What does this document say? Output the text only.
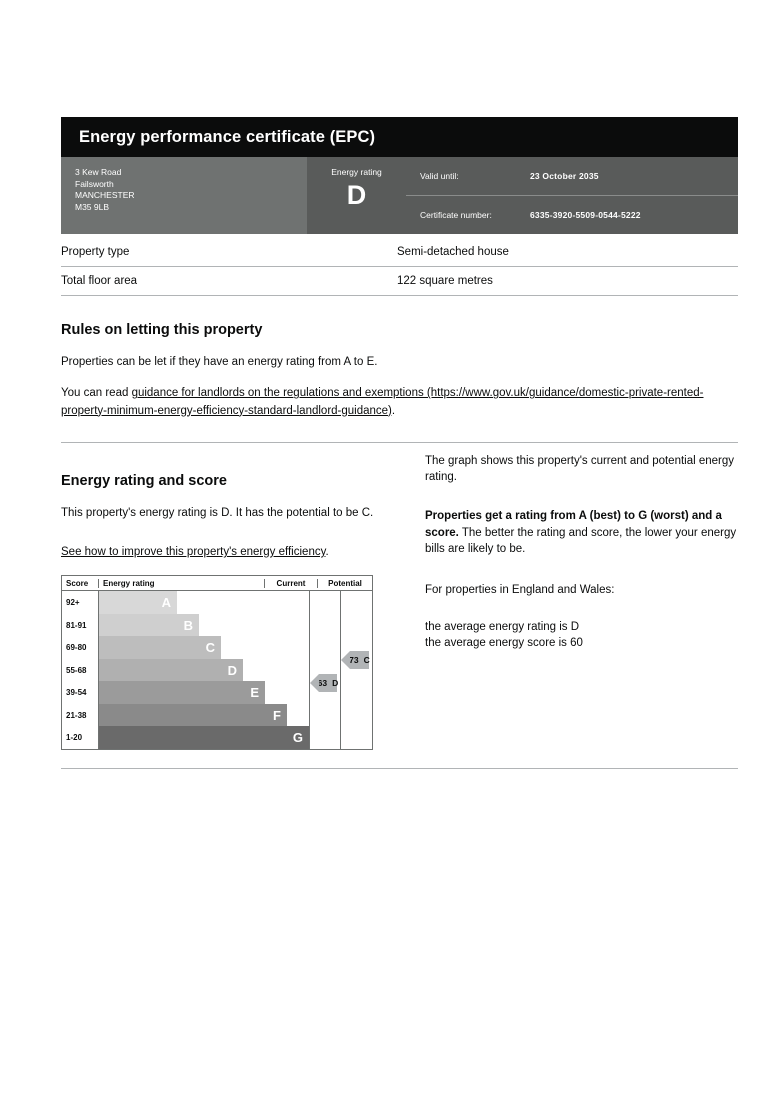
Energy performance certificate (EPC)
3 Kew Road
Failsworth
MANCHESTER
M35 9LB
Energy rating
D
Valid until:	23 October 2035
Certificate number:	6335-3920-5509-0544-5222
Property type	Semi-detached house
Total floor area	122 square metres
Rules on letting this property

Properties can be let if they have an energy rating from A to E.

You can read guidance for landlords on the regulations and exemptions (https://www.gov.uk/guidance/domestic-private-rented-property-minimum-energy-efficiency-standard-landlord-guidance).

Energy rating and score

This property's energy rating is D. It has the potential to be C.

See how to improve this property's energy efficiency.

Score	Energy rating	Current	Potential
92+	A
81-91	B
69-80	C
55-68	D
39-54	E
21-38	F
1-20	G
63 D
73 C

The graph shows this property's current and potential energy rating.

Properties get a rating from A (best) to G (worst) and a score. The better the rating and score, the lower your energy bills are likely to be.

For properties in England and Wales:

the average energy rating is D
the average energy score is 60
